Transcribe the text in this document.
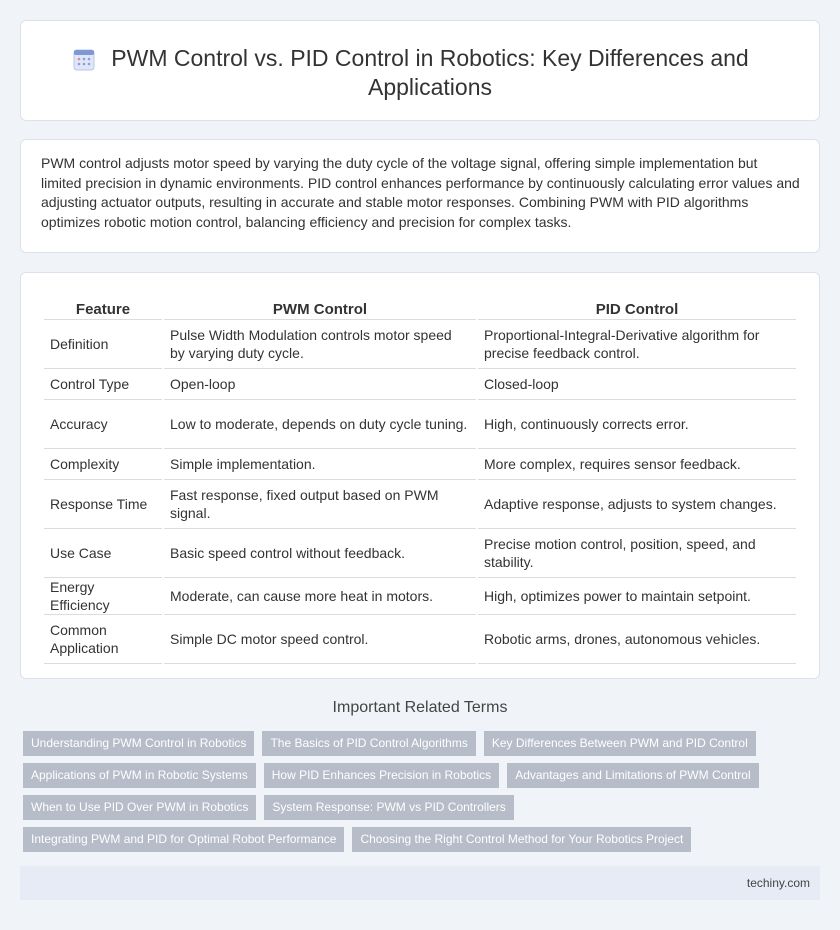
PWM Control vs. PID Control in Robotics: Key Differences and Applications

PWM control adjusts motor speed by varying the duty cycle of the voltage signal, offering simple implementation but limited precision in dynamic environments. PID control enhances performance by continuously calculating error values and adjusting actuator outputs, resulting in accurate and stable motor responses. Combining PWM with PID algorithms optimizes robotic motion control, balancing efficiency and precision for complex tasks.

Feature	PWM Control	PID Control
Definition	Pulse Width Modulation controls motor speed by varying duty cycle.	Proportional-Integral-Derivative algorithm for precise feedback control.
Control Type	Open-loop	Closed-loop
Accuracy	Low to moderate, depends on duty cycle tuning.	High, continuously corrects error.
Complexity	Simple implementation.	More complex, requires sensor feedback.
Response Time	Fast response, fixed output based on PWM signal.	Adaptive response, adjusts to system changes.
Use Case	Basic speed control without feedback.	Precise motion control, position, speed, and stability.
Energy Efficiency	Moderate, can cause more heat in motors.	High, optimizes power to maintain setpoint.
Common Application	Simple DC motor speed control.	Robotic arms, drones, autonomous vehicles.
Important Related Terms
Understanding PWM Control in Robotics	The Basics of PID Control Algorithms	Key Differences Between PWM and PID Control
Applications of PWM in Robotic Systems	How PID Enhances Precision in Robotics	Advantages and Limitations of PWM Control
When to Use PID Over PWM in Robotics	System Response: PWM vs PID Controllers
Integrating PWM and PID for Optimal Robot Performance	Choosing the Right Control Method for Your Robotics Project
techiny.com
